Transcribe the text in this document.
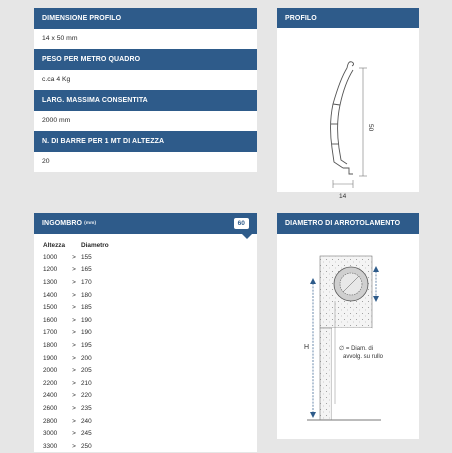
DIMENSIONE PROFILO
14 x 50 mm
PESO PER METRO QUADRO
c.ca 4 Kg
LARG. MASSIMA CONSENTITA
2000 mm
N. DI BARRE PER 1 MT DI ALTEZZA
20
PROFILO
50
14
INGOMBRO (mm)	60
Altezza		Diametro
1000	>	155
1200	>	165
1300	>	170
1400	>	180
1500	>	185
1600	>	190
1700	>	190
1800	>	195
1900	>	200
2000	>	205
2200	>	210
2400	>	220
2600	>	235
2800	>	240
3000	>	245
3300	>	250
DIAMETRO DI ARROTOLAMENTO
H	∅ = Diam. di
avvolg. su rullo
